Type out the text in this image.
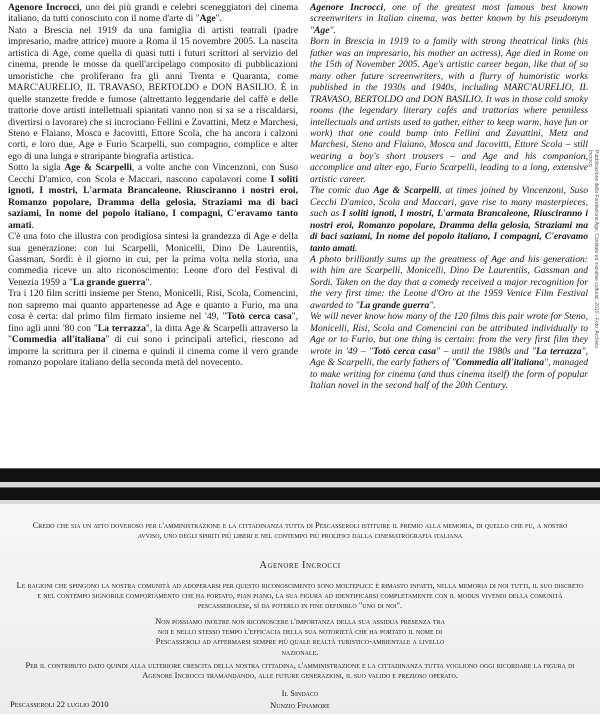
Agenore Incrocci, uno dei più grandi e celebri sceneggiatori del cinema italiano, da tutti conosciuto con il nome d'arte di "Age".

Nato a Brescia nel 1919 da una famiglia di artisti teatrali (padre impresario, madre attrice) muore a Roma il 15 novembre 2005. La nascita artistica di Age, come quella di quasi tutti i futuri scrittori al servizio del cinema, prende le mosse da quell'arcipelago composito di pubblicazioni umoristiche che proliferano fra gli anni Trenta e Quaranta, come MARC'AURELIO, IL TRAVASO, BERTOLDO e DON BASILIO. È in quelle stanzette fredde e fumose (altrettanto leggendarie del caffè e delle trattorie dove artisti intellettuali spiantati vanno non si sa se a riscaldarsi, divertirsi o lavorare) che si incrociano Fellini e Zavattini, Metz e Marchesi, Steno e Flaiano, Mosca e Jacovitti, Ettore Scola, che ha ancora i calzoni corti, e loro due, Age e Furio Scarpelli, suo compagno, complice e alter ego di una lunga e straripante biografia artistica.

Sotto la sigla Age & Scarpelli, a volte anche con Vincenzoni, con Suso Cecchi D'amico, con Scola e Maccari, nascono capolavori come I soliti ignoti, I mostri, L'armata Brancaleone, Riusciranno i nostri eroi, Romanzo popolare, Dramma della gelosia, Straziami ma di baci saziami, In nome del popolo italiano, I compagni, C'eravamo tanto amati.

C'è una foto che illustra con prodigiosa sintesi la grandezza di Age e della sua generazione: con lui Scarpelli, Monicelli, Dino De Laurentiis, Gassman, Sordi: è il giorno in cui, per la prima volta nella storia, una commedia riceve un alto riconoscimento: Leone d'oro del Festival di Venezia 1959 a "La grande guerra".

Tra i 120 film scritti insieme per Steno, Monicelli, Risi, Scola, Comencini, non sapremo mai quanto appartenesse ad Age e quanto a Furio, ma una cosa è certa: dal primo film firmato insieme nel '49, "Totò cerca casa", fino agli anni '80 con "La terrazza", la ditta Age & Scarpelli attraverso la "Commedia all'italiana" di cui sono i principali artefici, riescono ad imporre la scrittura per il cinema e quindi il cinema come il vero grande romanzo popolare italiano della seconda metà del novecento.

Agenore Incrocci, one of the greatest most famous best known screenwriters in Italian cinema, was better known by his pseudonym "Age".

Born in Brescia in 1919 to a family with strong theatrical links (his father was an impresario, his mother an actress), Age died in Rome on the 15th of November 2005. Age's artistic career began, like that of so many other future screenwriters, with a flurry of humoristic works published in the 1930s and 1940s, including MARC'AURELIO, IL TRAVASO, BERTOLDO and DON BASILIO. It was in those cold smoky rooms (the legendary literary cafés and trattorias where penniless intellectuals and artists used to gather, either to keep warm, have fun or work) that one could bump into Fellini and Zavattini, Metz and Marchesi, Steno and Flaiano, Mosca and Jacovitti, Ettore Scola – still wearing a boy's short trousers – and Age and his companion, accomplice and alter ego, Furio Scarpelli, leading to a long, extensive artistic career.

The comic duo Age & Scarpelli, at times joined by Vincenzoni, Suso Cecchi D'amico, Scola and Maccari, gave rise to many masterpieces, such as I soliti ignoti, I mostri, L'armata Brancaleone, Riusciranno i nostri eroi, Romanzo popolare, Dramma della gelosia, Straziami ma di baci saziami, In nome del popolo italiano, I compagni, C'eravamo tanto amati.

A photo brilliantly sums up the greatness of Age and his generation: with him are Scarpelli, Monicelli, Dino De Laurentiis, Gassman and Sordi. Taken on the day that a comedy received a major recognition for the very first time: the Leone d'Oro at the 1959 Venice Film Festival awarded to "La grande guerra".

We will never know how many of the 120 films this pair wrote for Steno, Monicelli, Risi, Scola and Comencini can be attributed individually to Age or to Furio, but one thing is certain: from the very first film they wrote in '49 – "Totò cerca casa" – until the 1980s and "La terrazza", Age & Scarpelli, the early fathers of "Commedia all'italiana", managed to make writing for cinema (and thus cinema itself) the form of popular Italian novel in the second half of the 20th Century.

Pubblicazione della Fondazione Age, Comitato ed iniziative culturali, 2010 - Foto: Archivio Incrocci

Credo che sia un atto doveroso per l'amministrazione e la cittadinanza tutta di Pescasseroli istituire il premio alla memoria, di quello che fu, a nostro avviso, uno degli spiriti più liberi e nel contempo più prolifici dalla cinematrografia italiana

Agenore Incrocci

Le ragioni che spingono la nostra comunità ad adoperarsi per questo riconoscimento sono molteplici: è rimasto infatti, nella memoria di noi tutti, il suo discreto e nel contempo signorile comportamento che ha portato, pian piano, la sua figura ad identificarsi completamente con il modus vivendi della comunità pescasserolese, sì da poterlo in fine definirlo "uno di noi".

Non possiamo inoltre non riconoscere l'importanza della sua assidua presenza tra noi e nello stesso tempo l'efficacia della sua notorietà che ha portato il nome di Pescasseroli ad affermarsi sempre più quale realtà turistico-ambientale a livello nazionale.

Per il contributo dato quindi alla ulteriore crescita della nostra cittadina, l'amministrazione e la cittadinanza tutta vogliono oggi ricordare la figura di Agenore Incrocci tramandando, alle future generazioni, il suo valido e prezioso operato.

Pescasseroli 22 luglio 2010
Il Sindaco
Nunzio Finamore
